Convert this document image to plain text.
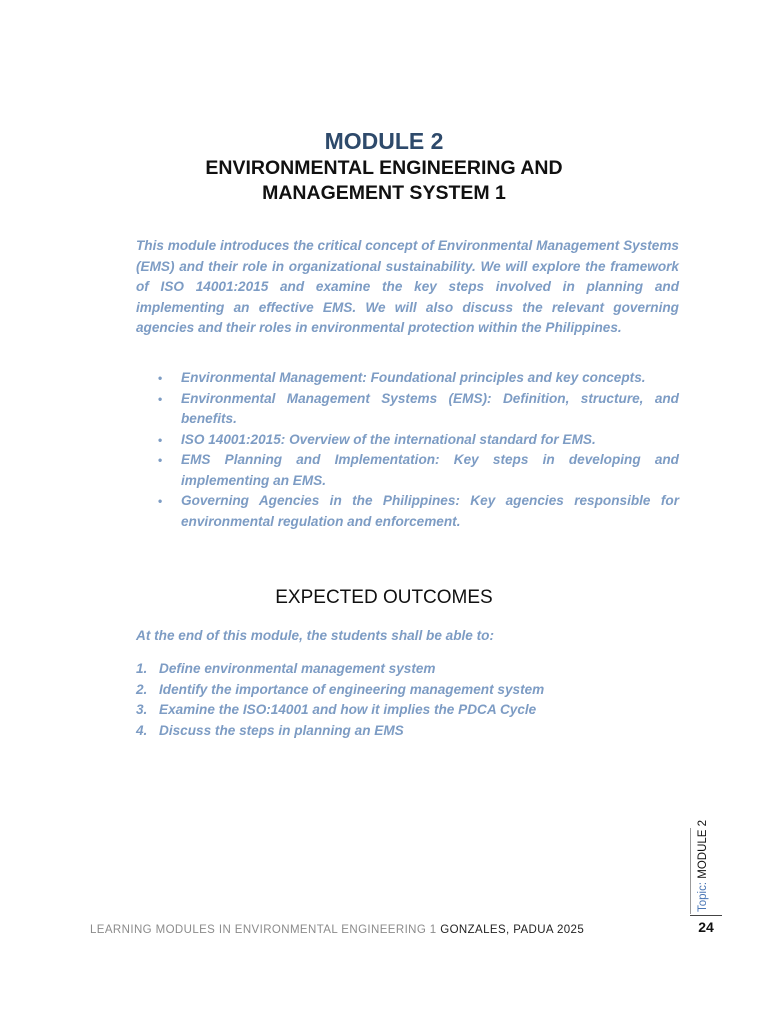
MODULE 2
ENVIRONMENTAL ENGINEERING AND
MANAGEMENT SYSTEM 1

This module introduces the critical concept of Environmental Management Systems (EMS) and their role in organizational sustainability. We will explore the framework of ISO 14001:2015 and examine the key steps involved in planning and implementing an effective EMS. We will also discuss the relevant governing agencies and their roles in environmental protection within the Philippines.

• Environmental Management: Foundational principles and key concepts.
• Environmental Management Systems (EMS): Definition, structure, and benefits.
• ISO 14001:2015: Overview of the international standard for EMS.
• EMS Planning and Implementation: Key steps in developing and implementing an EMS.
• Governing Agencies in the Philippines: Key agencies responsible for environmental regulation and enforcement.
EXPECTED OUTCOMES

At the end of this module, the students shall be able to:

1. Define environmental management system
2. Identify the importance of engineering management system
3. Examine the ISO:14001 and how it implies the PDCA Cycle
4. Discuss the steps in planning an EMS
Topic: MODULE 2
24
LEARNING MODULES IN ENVIRONMENTAL ENGINEERING 1 GONZALES, PADUA 2025
